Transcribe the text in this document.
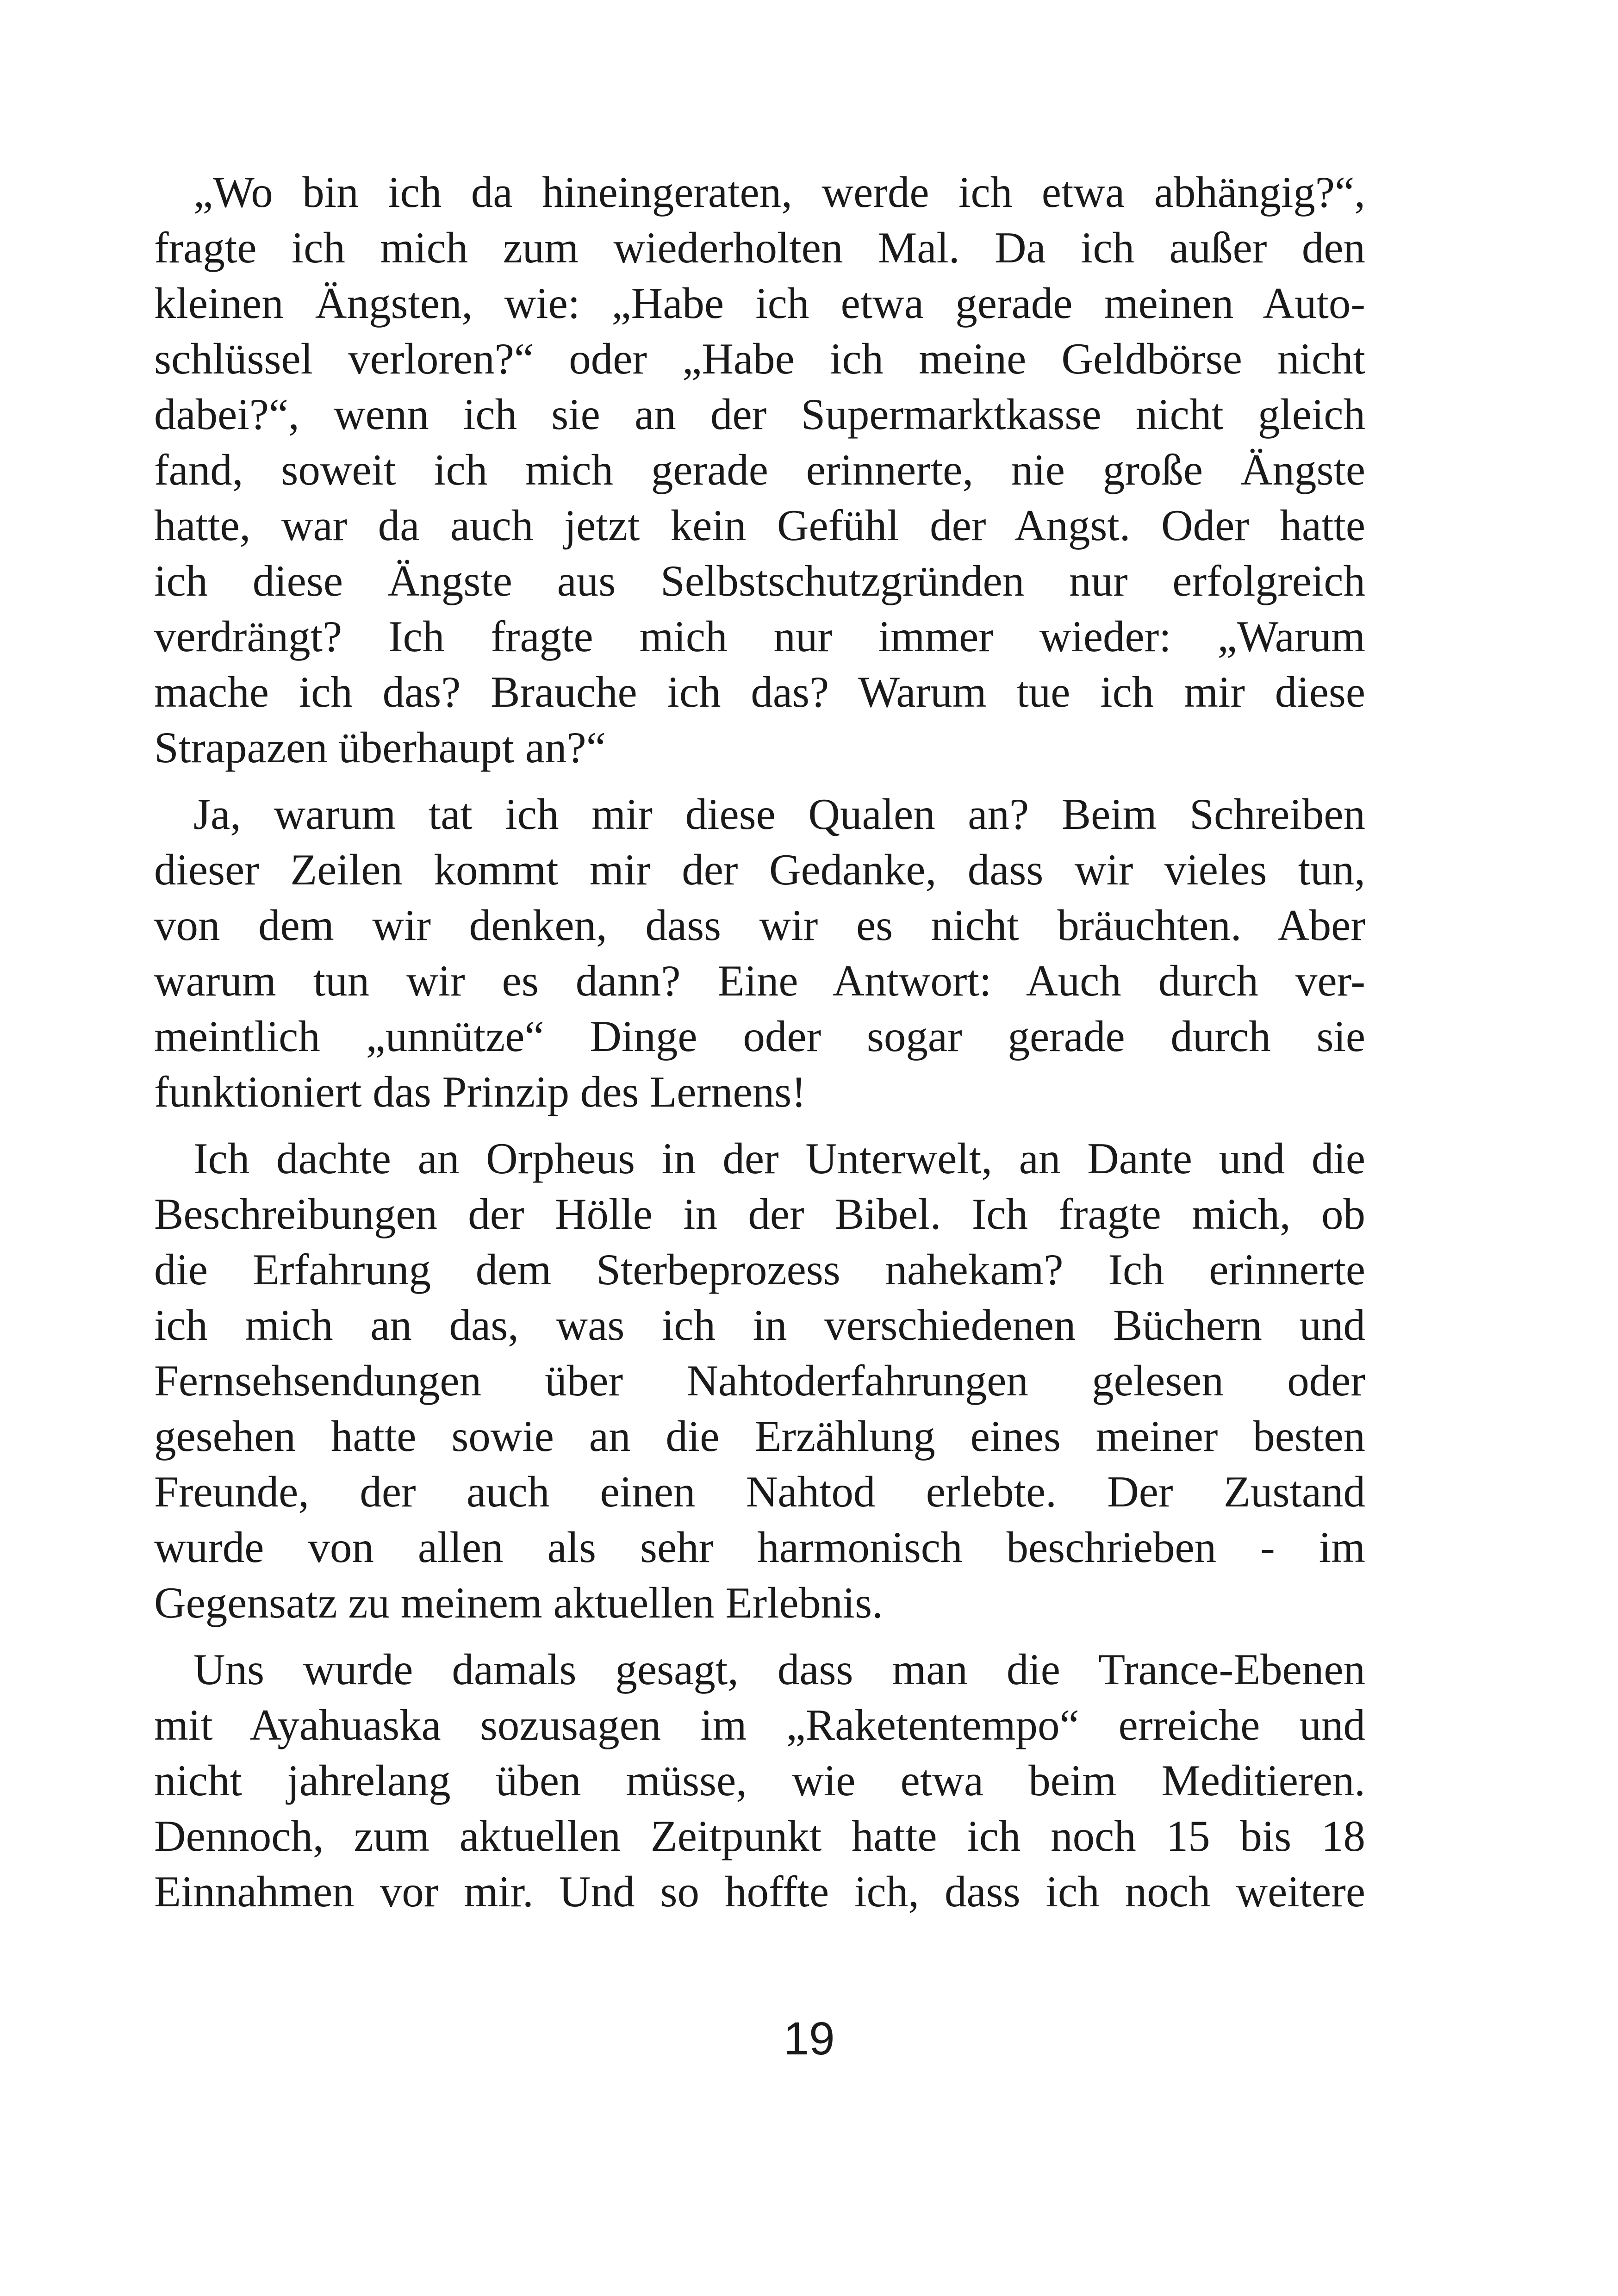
„Wo bin ich da hineingeraten, werde ich etwa abhängig?“,
fragte ich mich zum wiederholten Mal. Da ich außer den
kleinen Ängsten, wie: „Habe ich etwa gerade meinen Auto-
schlüssel verloren?“ oder „Habe ich meine Geldbörse nicht
dabei?“, wenn ich sie an der Supermarktkasse nicht gleich
fand, soweit ich mich gerade erinnerte, nie große Ängste
hatte, war da auch jetzt kein Gefühl der Angst. Oder hatte
ich diese Ängste aus Selbstschutzgründen nur erfolgreich
verdrängt? Ich fragte mich nur immer wieder: „Warum
mache ich das? Brauche ich das? Warum tue ich mir diese
Strapazen überhaupt an?“
Ja, warum tat ich mir diese Qualen an? Beim Schreiben
dieser Zeilen kommt mir der Gedanke, dass wir vieles tun,
von dem wir denken, dass wir es nicht bräuchten. Aber
warum tun wir es dann? Eine Antwort: Auch durch ver-
meintlich „unnütze“ Dinge oder sogar gerade durch sie
funktioniert das Prinzip des Lernens!
Ich dachte an Orpheus in der Unterwelt, an Dante und die
Beschreibungen der Hölle in der Bibel. Ich fragte mich, ob
die Erfahrung dem Sterbeprozess nahekam? Ich erinnerte
ich mich an das, was ich in verschiedenen Büchern und
Fernsehsendungen über Nahtoderfahrungen gelesen oder
gesehen hatte sowie an die Erzählung eines meiner besten
Freunde, der auch einen Nahtod erlebte. Der Zustand
wurde von allen als sehr harmonisch beschrieben - im
Gegensatz zu meinem aktuellen Erlebnis.
Uns wurde damals gesagt, dass man die Trance-Ebenen
mit Ayahuaska sozusagen im „Raketentempo“ erreiche und
nicht jahrelang üben müsse, wie etwa beim Meditieren.
Dennoch, zum aktuellen Zeitpunkt hatte ich noch 15 bis 18
Einnahmen vor mir. Und so hoffte ich, dass ich noch weitere
19
